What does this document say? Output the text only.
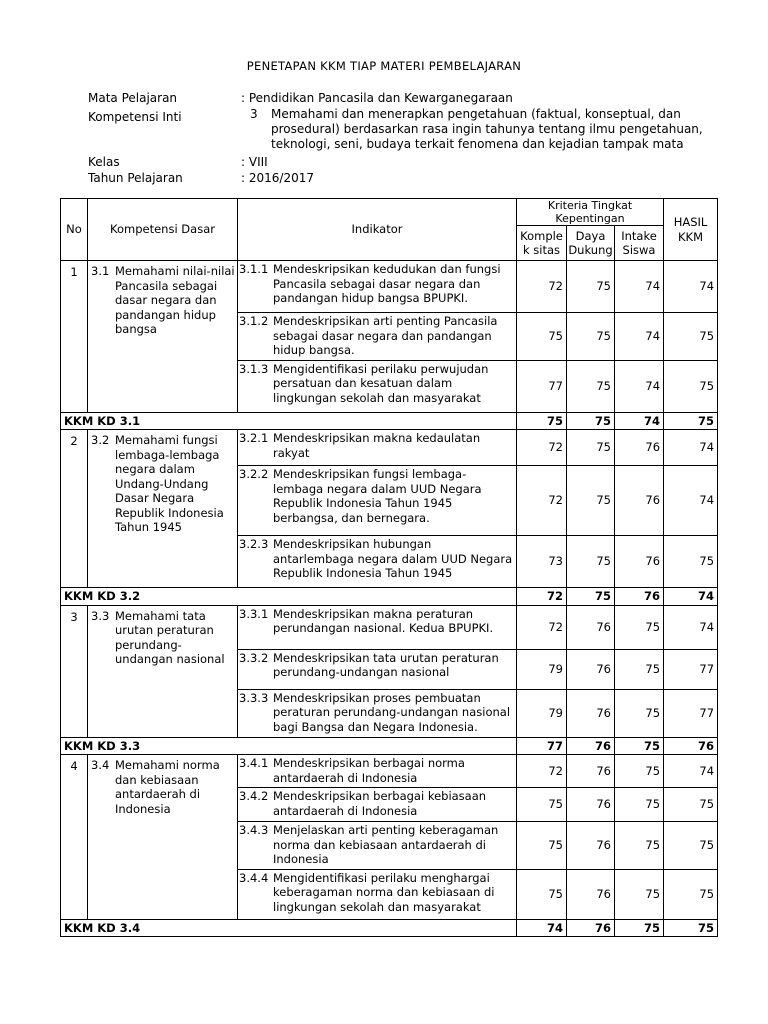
PENETAPAN KKM TIAP MATERI PEMBELAJARAN
Mata Pelajaran	: Pendidikan Pancasila dan Kewarganegaraan
Kompetensi Inti	3 Memahami dan menerapkan pengetahuan (faktual, konseptual, dan prosedural) berdasarkan rasa ingin tahunya tentang ilmu pengetahuan, teknologi, seni, budaya terkait fenomena dan kejadian tampak mata
Kelas	: VIII
Tahun Pelajaran	: 2016/2017
No	Kompetensi Dasar	Indikator	Kriteria Tingkat Kepentingan			HASIL KKM
			Komple k sitas	Daya Dukung	Intake Siswa	
1	3.1 Memahami nilai-nilai Pancasila sebagai dasar negara dan pandangan hidup bangsa	3.1.1 Mendeskripsikan kedudukan dan fungsi Pancasila sebagai dasar negara dan pandangan hidup bangsa BPUPKI.	72	75	74	74

		3.1.2 Mendeskripsikan arti penting Pancasila sebagai dasar negara dan pandangan hidup bangsa.	75	75	74	75

		3.1.3 Mengidentifikasi perilaku perwujudan persatuan dan kesatuan dalam lingkungan sekolah dan masyarakat	77	75	74	75
KKM KD 3.1			75	75	74	75
2	3.2 Memahami fungsi lembaga-lembaga negara dalam Undang-Undang Dasar Negara Republik Indonesia Tahun 1945	3.2.1 Mendeskripsikan makna kedaulatan rakyat	72	75	76	74

		3.2.2 Mendeskripsikan fungsi lembaga-lembaga negara dalam UUD Negara Republik Indonesia Tahun 1945 berbangsa, dan bernegara.	72	75	76	74

		3.2.3 Mendeskripsikan hubungan antarlembaga negara dalam UUD Negara Republik Indonesia Tahun 1945	73	75	76	75
KKM KD 3.2			72	75	76	74
3	3.3 Memahami tata urutan peraturan perundang-undangan nasional	3.3.1 Mendeskripsikan makna peraturan perundangan nasional. Kedua BPUPKI.	72	76	75	74

		3.3.2 Mendeskripsikan tata urutan peraturan perundang-undangan nasional	79	76	75	77

		3.3.3 Mendeskripsikan proses pembuatan peraturan perundang-undangan nasional bagi Bangsa dan Negara Indonesia.	79	76	75	77
KKM KD 3.3			77	76	75	76
4	3.4 Memahami norma dan kebiasaan antardaerah di Indonesia	3.4.1 Mendeskripsikan berbagai norma antardaerah di Indonesia	72	76	75	74

		3.4.2 Mendeskripsikan berbagai kebiasaan antardaerah di Indonesia	75	76	75	75

		3.4.3 Menjelaskan arti penting keberagaman norma dan kebiasaan antardaerah di Indonesia	75	76	75	75

		3.4.4 Mengidentifikasi perilaku menghargai keberagaman norma dan kebiasaan di lingkungan sekolah dan masyarakat	75	76	75	75
KKM KD 3.4			74	76	75	75
